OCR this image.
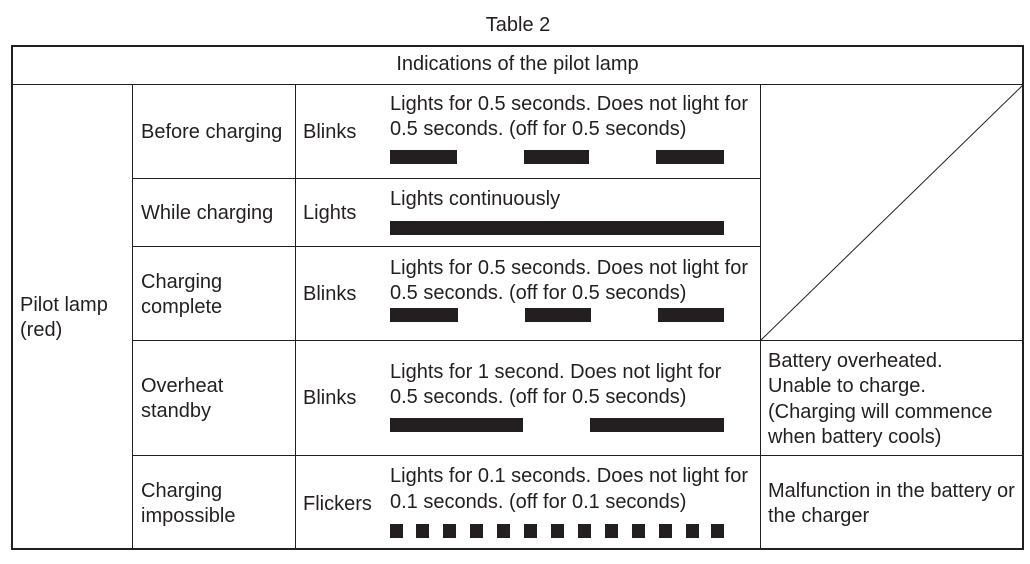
Table 2
Indications of the pilot lamp
Pilot lamp
(red)
Before charging Blinks
Lights for 0.5 seconds. Does not light for
0.5 seconds. (off for 0.5 seconds)
While charging Lights
Lights continuously
Charging
complete
Blinks
Lights for 0.5 seconds. Does not light for
0.5 seconds. (off for 0.5 seconds)
Overheat
standby
Blinks
Lights for 1 second. Does not light for
0.5 seconds. (off for 0.5 seconds)
Battery overheated.
Unable to charge.
(Charging will commence
when battery cools)
Charging
impossible
Flickers
Lights for 0.1 seconds. Does not light for
0.1 seconds. (off for 0.1 seconds)	Malfunction in the battery or
the charger
